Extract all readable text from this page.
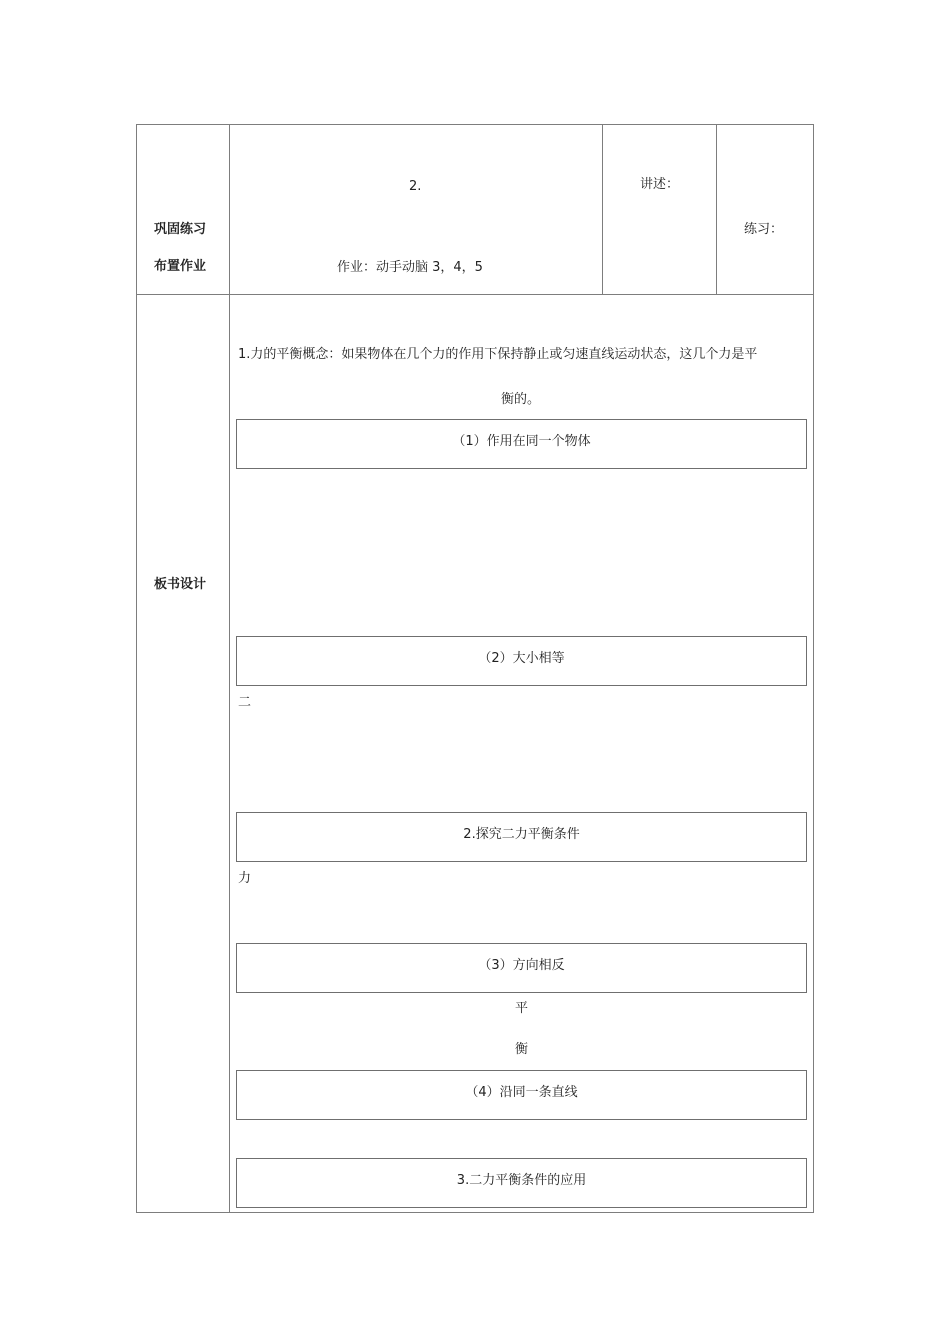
巩固练习
布置作业
2.
作业：动手动脑 3，4，5
讲述：
练习：
板书设计
1.力的平衡概念：如果物体在几个力的作用下保持静止或匀速直线运动状态，这几个力是平
衡的。
（1）作用在同一个物体
（2）大小相等
二
2.探究二力平衡条件
力
（3）方向相反
平
衡
（4）沿同一条直线
3.二力平衡条件的应用
